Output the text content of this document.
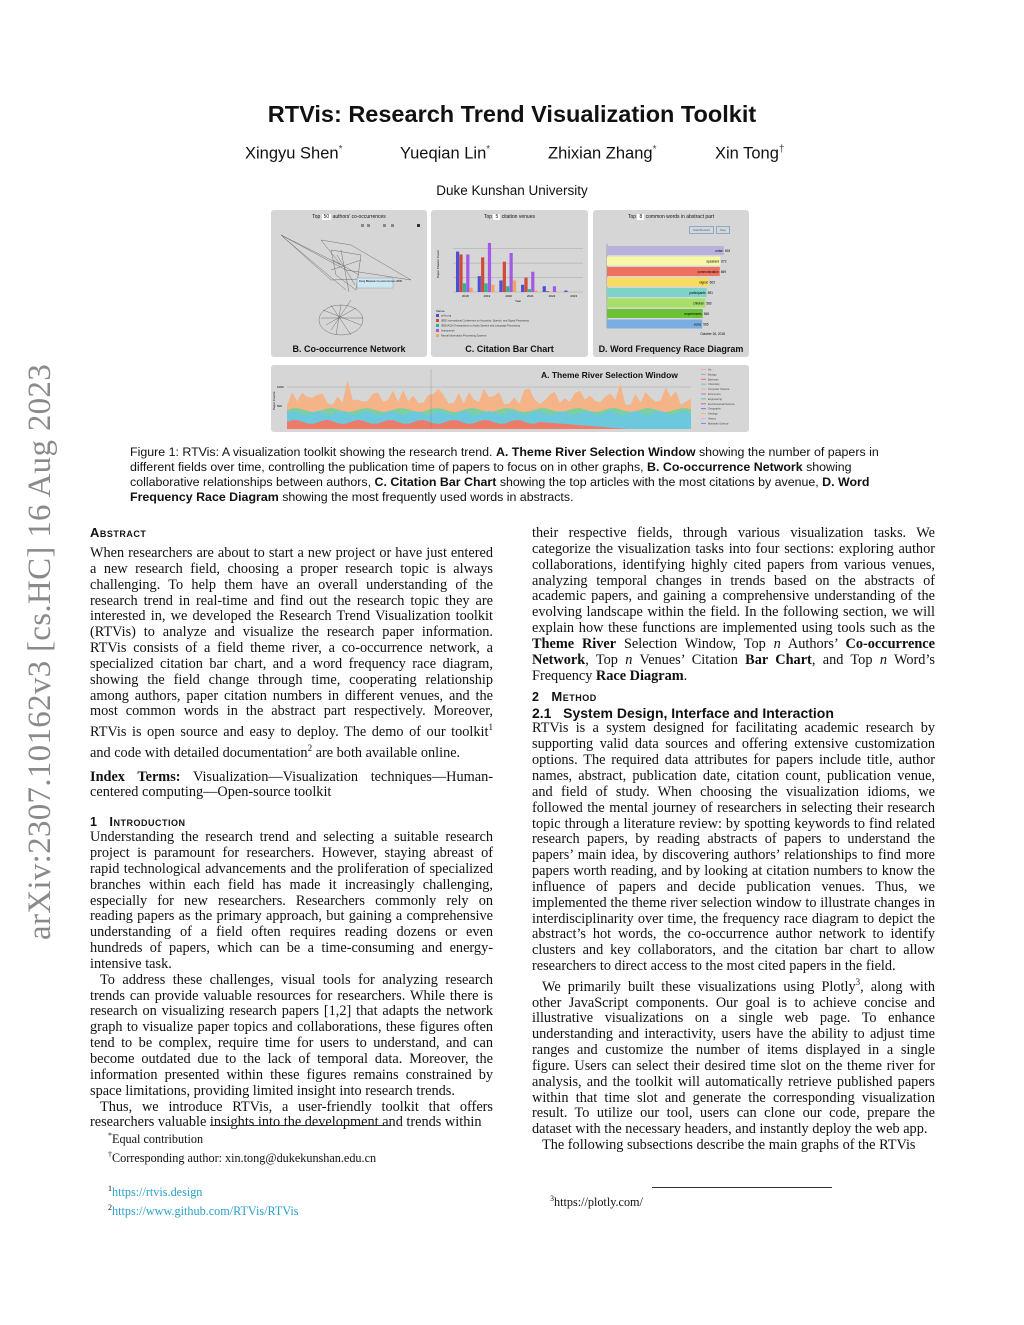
arXiv:2307.10162v3 [cs.HC] 16 Aug 2023
RTVis: Research Trend Visualization Toolkit
Xingyu Shen*	Yueqian Lin*	Zhixian Zhang*	Xin Tong†
Duke Kunshan University
Top 50 authors' co-occurrences
Dong Bikasele Co-occurrences: 2006
B. Co-occurrence Network
Top 5 citation venues
Paper Citation Count
2018	2019	2020	2021	2022	2023
Year
Venue
arXiv.org
IEEE International Conference on Acoustics, Speech, and Signal Processing
IEEE/ACM Transactions on Audio Speech and Language Processing
Interspeech
Neural Information Processing Systems
C. Citation Bar Chart
Top 8 common words in abstract part
Start/Restart	Stop
noise 693
speakers 672
communication 669
signal 603
participants 591
children 583
experiments 568
voice 565
October 26, 2018
D. Word Frequency Race Diagram
Paper Counts
1000
500
Art
Biology
Business
Chemistry
Computer Science
Economics
Engineering
Environmental Science
Geography
Geology
History
Materials Science
A. Theme River Selection Window
Figure 1: RTVis: A visualization toolkit showing the research trend. A. Theme River Selection Window showing the number of papers in different fields over time, controlling the publication time of papers to focus on in other graphs, B. Co-occurrence Network showing collaborative relationships between authors, C. Citation Bar Chart showing the top articles with the most citations by avenue, D. Word Frequency Race Diagram showing the most frequently used words in abstracts.
Abstract

When researchers are about to start a new project or have just entered a new research field, choosing a proper research topic is always challenging. To help them have an overall understanding of the research trend in real-time and find out the research topic they are interested in, we developed the Research Trend Visualization toolkit (RTVis) to analyze and visualize the research paper information. RTVis consists of a field theme river, a co-occurrence network, a specialized citation bar chart, and a word frequency race diagram, showing the field change through time, cooperating relationship among authors, paper citation numbers in different venues, and the most common words in the abstract part respectively. Moreover, RTVis is open source and easy to deploy. The demo of our toolkit$^1$ and code with detailed documentation$^2$ are both available online.

Index Terms: Visualization—Visualization techniques—Human-centered computing—Open-source toolkit

1 Introduction

Understanding the research trend and selecting a suitable research project is paramount for researchers. However, staying abreast of rapid technological advancements and the proliferation of specialized branches within each field has made it increasingly challenging, especially for new researchers. Researchers commonly rely on reading papers as the primary approach, but gaining a comprehensive understanding of a field often requires reading dozens or even hundreds of papers, which can be a time-consuming and energy-intensive task.

To address these challenges, visual tools for analyzing research trends can provide valuable resources for researchers. While there is research on visualizing research papers [1,2] that adapts the network graph to visualize paper topics and collaborations, these figures often tend to be complex, require time for users to understand, and can become outdated due to the lack of temporal data. Moreover, the information presented within these figures remains constrained by space limitations, providing limited insight into research trends.

Thus, we introduce RTVis, a user-friendly toolkit that offers researchers valuable insights into the development and trends within

*Equal contribution
†Corresponding author: xin.tong@dukekunshan.edu.cn
$^1$https://rtvis.design
$^2$https://www.github.com/RTVis/RTVis

their respective fields, through various visualization tasks. We categorize the visualization tasks into four sections: exploring author collaborations, identifying highly cited papers from various venues, analyzing temporal changes in trends based on the abstracts of academic papers, and gaining a comprehensive understanding of the evolving landscape within the field. In the following section, we will explain how these functions are implemented using tools such as the Theme River Selection Window, Top n Authors’ Co-occurrence Network, Top n Venues’ Citation Bar Chart, and Top n Word’s Frequency Race Diagram.

2 Method
2.1 System Design, Interface and Interaction

RTVis is a system designed for facilitating academic research by supporting valid data sources and offering extensive customization options. The required data attributes for papers include title, author names, abstract, publication date, citation count, publication venue, and field of study. When choosing the visualization idioms, we followed the mental journey of researchers in selecting their research topic through a literature review: by spotting keywords to find related research papers, by reading abstracts of papers to understand the papers’ main idea, by discovering authors’ relationships to find more papers worth reading, and by looking at citation numbers to know the influence of papers and decide publication venues. Thus, we implemented the theme river selection window to illustrate changes in interdisciplinarity over time, the frequency race diagram to depict the abstract’s hot words, the co-occurrence author network to identify clusters and key collaborators, and the citation bar chart to allow researchers to direct access to the most cited papers in the field.

We primarily built these visualizations using Plotly$^3$, along with other JavaScript components. Our goal is to achieve concise and illustrative visualizations on a single web page. To enhance understanding and interactivity, users have the ability to adjust time ranges and customize the number of items displayed in a single figure. Users can select their desired time slot on the theme river for analysis, and the toolkit will automatically retrieve published papers within that time slot and generate the corresponding visualization result. To utilize our tool, users can clone our code, prepare the dataset with the necessary headers, and instantly deploy the web app.

The following subsections describe the main graphs of the RTVis

$^3$https://plotly.com/
